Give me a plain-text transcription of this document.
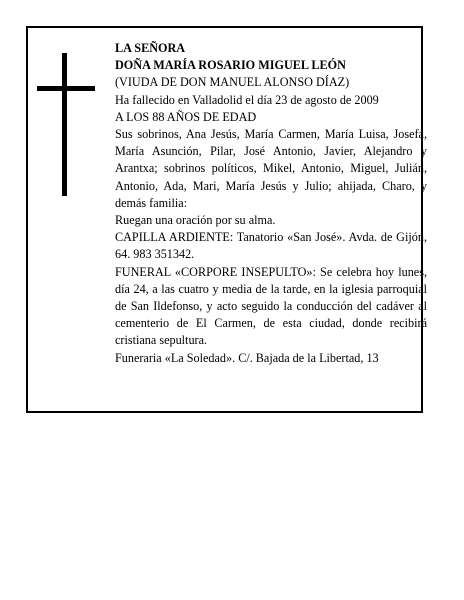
LA SEÑORA

DOÑA MARÍA ROSARIO MIGUEL LEÓN

(VIUDA DE DON MANUEL ALONSO DÍAZ)

Ha fallecido en Valladolid el día 23 de agosto de 2009

A LOS 88 AÑOS DE EDAD

Sus sobrinos, Ana Jesús, María Carmen, María Luisa, Josefa, María Asunción, Pilar, José Antonio, Javier, Alejandro y Arantxa; sobrinos políticos, Mikel, Antonio, Miguel, Julián, Antonio, Ada, Mari, María Jesús y Julio; ahijada, Charo, y demás familia:

Ruegan una oración por su alma.

CAPILLA ARDIENTE: Tanatorio «San José». Avda. de Gijón, 64. 983 351342.

FUNERAL «CORPORE INSEPULTO»: Se celebra hoy lunes, día 24, a las cuatro y media de la tarde, en la iglesia parroquial de San Ildefonso, y acto seguido la conducción del cadáver al cementerio de El Carmen, de esta ciudad, donde recibirá cristiana sepultura.

Funeraria «La Soledad». C/. Bajada de la Libertad, 13
